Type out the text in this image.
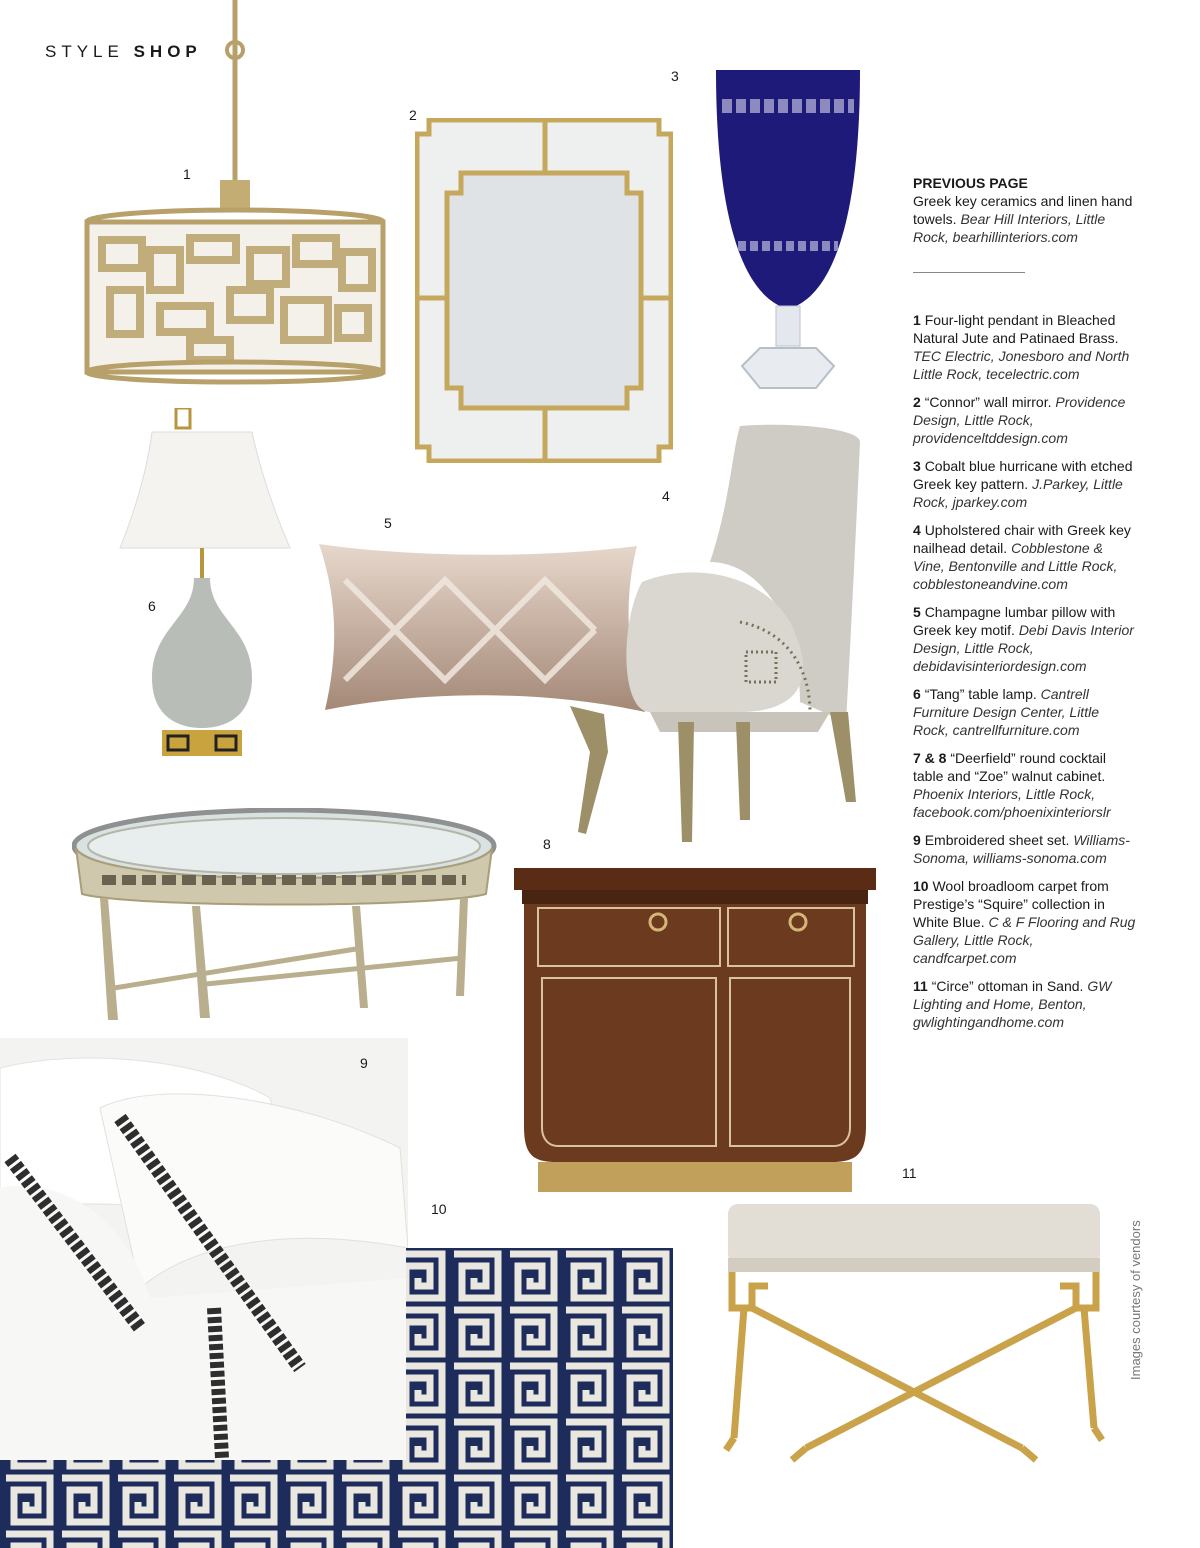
STYLE SHOP
1
2
3
4
5
6
8
9
10
11
PREVIOUS PAGE
Greek key ceramics and linen hand towels. Bear Hill Interiors, Little Rock, bearhillinteriors.com
1 Four-light pendant in Bleached Natural Jute and Patinaed Brass. TEC Electric, Jonesboro and North Little Rock, tecelectric.com
2 “Connor” wall mirror. Providence Design, Little Rock, providenceltddesign.com
3 Cobalt blue hurricane with etched Greek key pattern. J.Parkey, Little Rock, jparkey.com
4 Upholstered chair with Greek key nailhead detail. Cobblestone & Vine, Bentonville and Little Rock, cobblestoneandvine.com
5 Champagne lumbar pillow with Greek key motif. Debi Davis Interior Design, Little Rock, debidavisinteriordesign.com
6 “Tang” table lamp. Cantrell Furniture Design Center, Little Rock, cantrellfurniture.com
7 & 8 “Deerfield” round cocktail table and “Zoe” walnut cabinet. Phoenix Interiors, Little Rock, facebook.com/phoenixinteriorslr
9 Embroidered sheet set. Williams-Sonoma, williams-sonoma.com
10 Wool broadloom carpet from Prestige’s “Squire” collection in White Blue. C & F Flooring and Rug Gallery, Little Rock, candfcarpet.com
11 “Circe” ottoman in Sand. GW Lighting and Home, Benton, gwlightingandhome.com
Images courtesy of vendors
